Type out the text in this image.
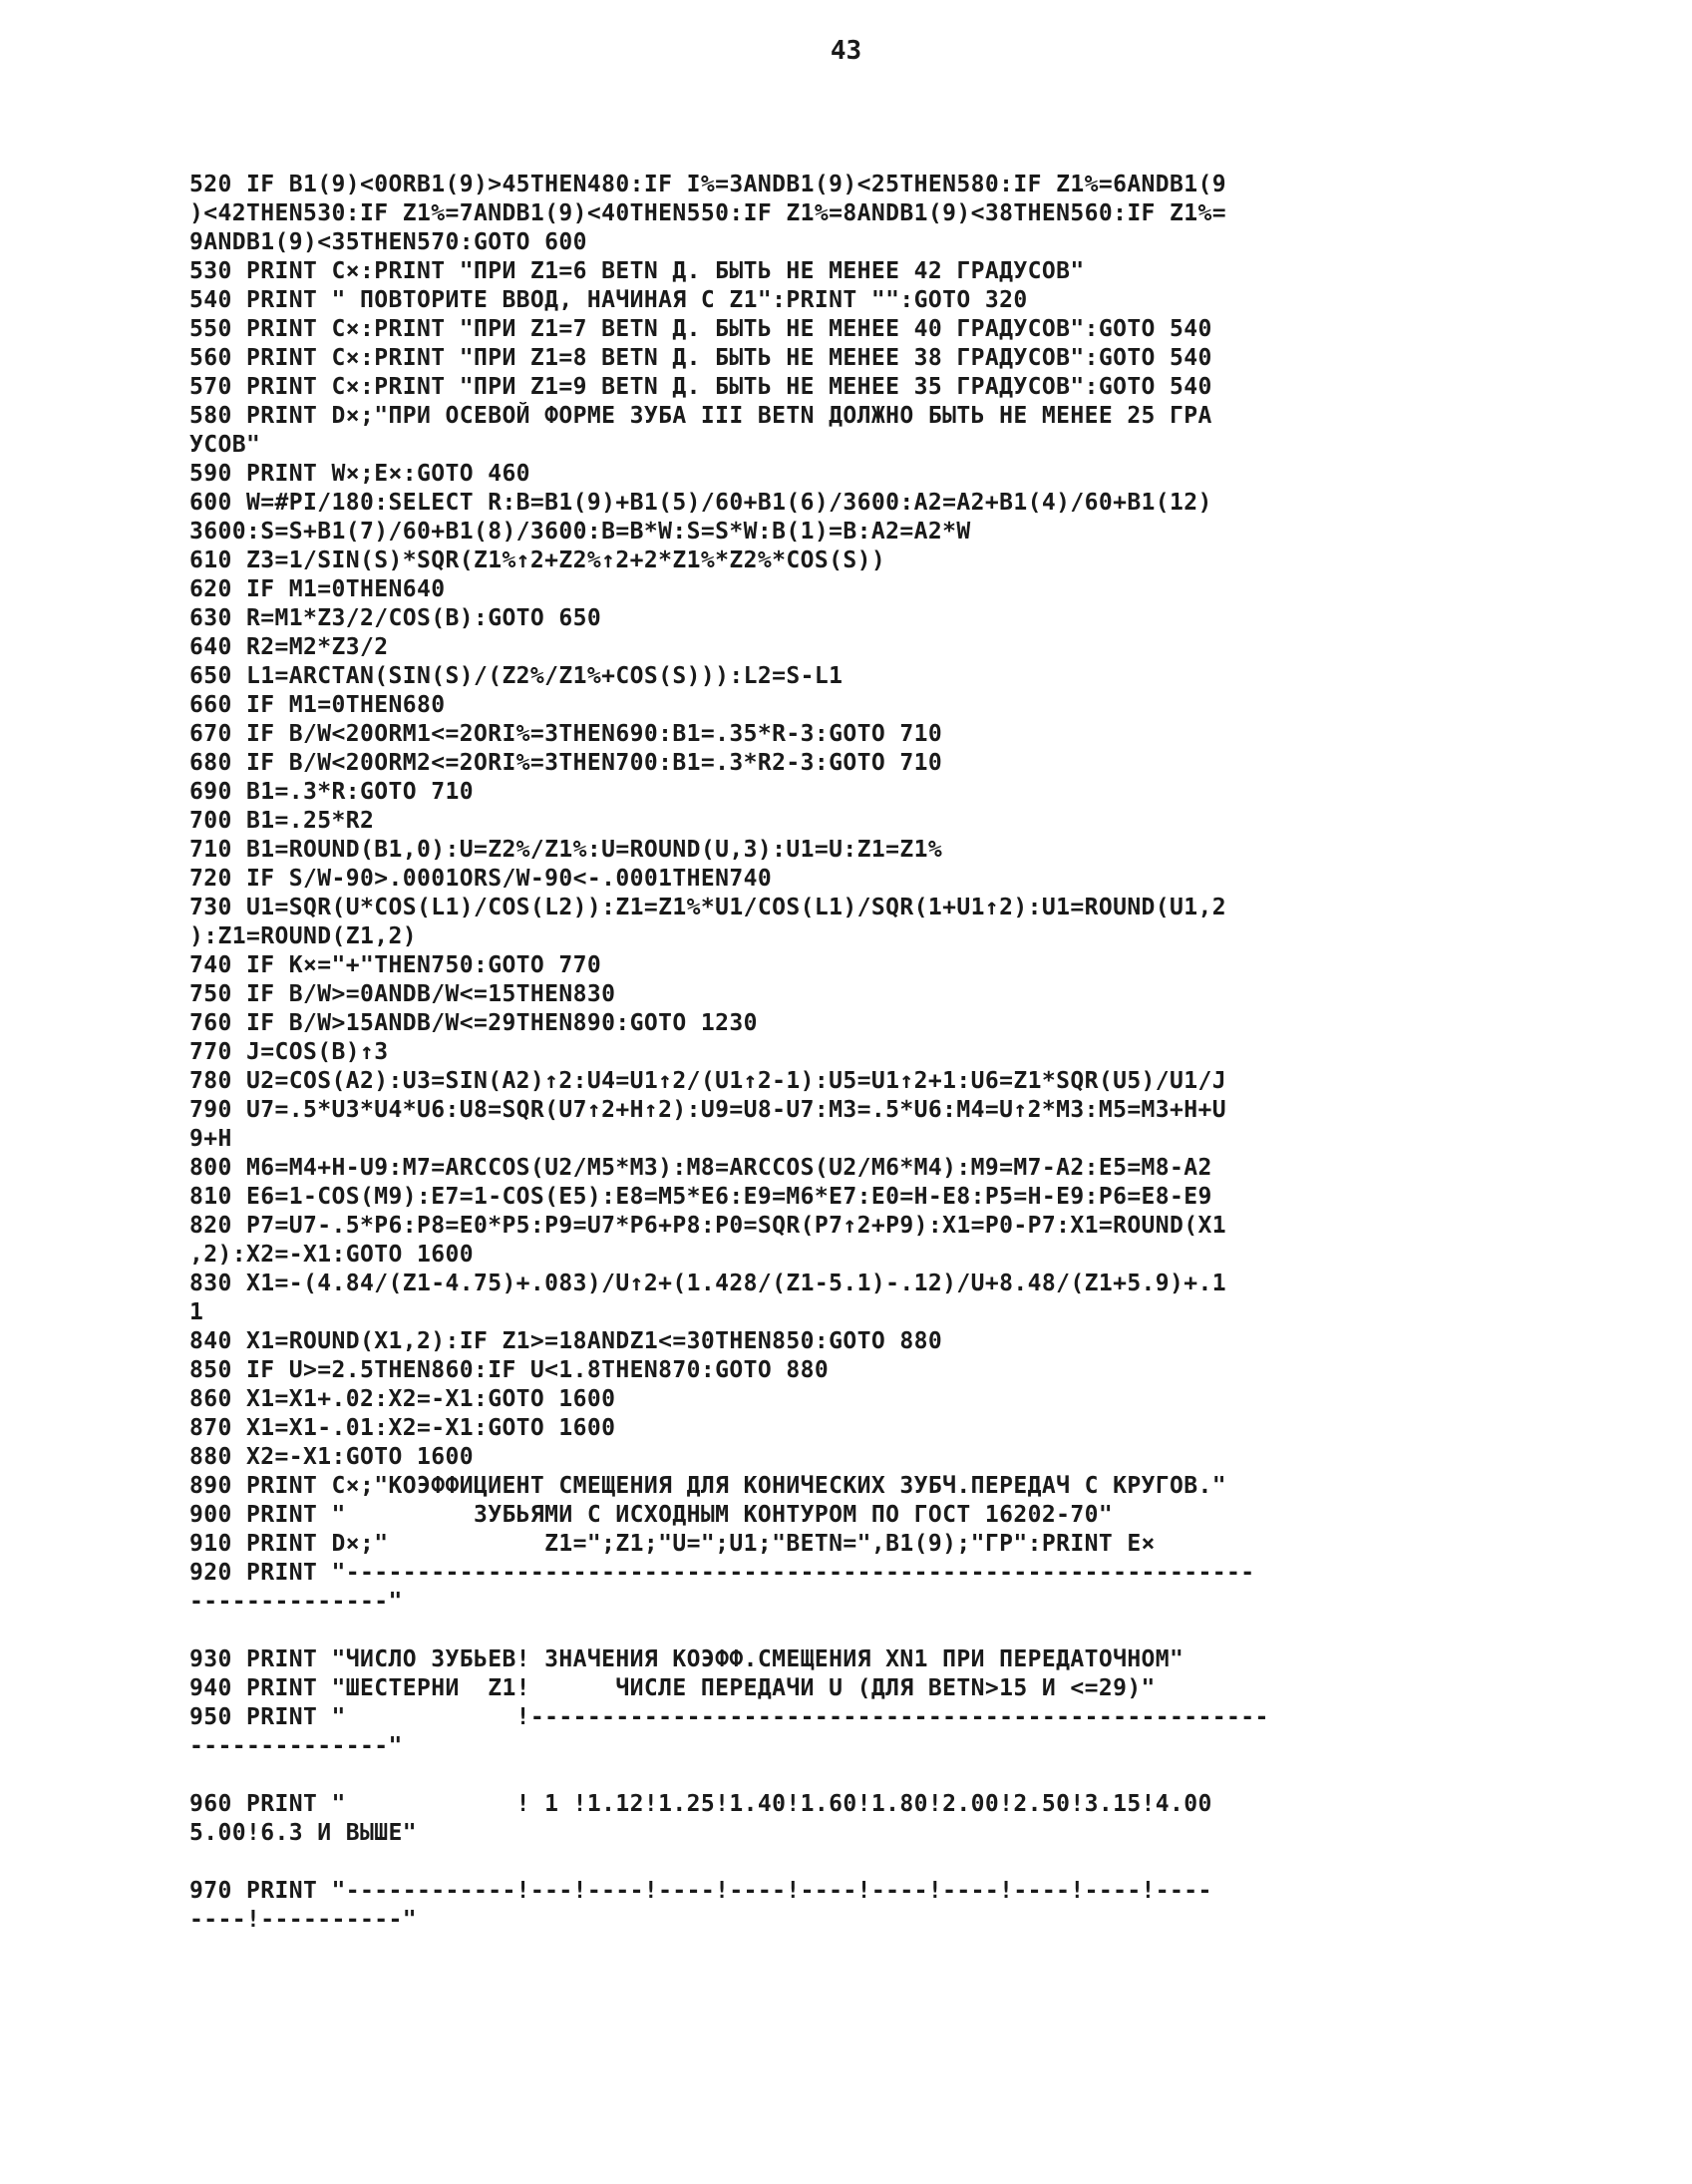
43
520 IF B1(9)<0ORB1(9)>45THEN480:IF I%=3ANDB1(9)<25THEN580:IF Z1%=6ANDB1(9
)<42THEN530:IF Z1%=7ANDB1(9)<40THEN550:IF Z1%=8ANDB1(9)<38THEN560:IF Z1%=
9ANDB1(9)<35THEN570:GOTO 600
530 PRINT C×:PRINT "ПРИ Z1=6 BETN Д. БЫТЬ НЕ МЕНЕЕ 42 ГРАДУСОВ"
540 PRINT " ПОВТОРИТЕ ВВОД, НАЧИНАЯ С Z1":PRINT "":GOTO 320
550 PRINT C×:PRINT "ПРИ Z1=7 BETN Д. БЫТЬ НЕ МЕНЕЕ 40 ГРАДУСОВ":GOTO 540
560 PRINT C×:PRINT "ПРИ Z1=8 BETN Д. БЫТЬ НЕ МЕНЕЕ 38 ГРАДУСОВ":GOTO 540
570 PRINT C×:PRINT "ПРИ Z1=9 BETN Д. БЫТЬ НЕ МЕНЕЕ 35 ГРАДУСОВ":GOTO 540
580 PRINT D×;"ПРИ ОСЕВОЙ ФОРМЕ ЗУБА III BETN ДОЛЖНО БЫТЬ НЕ МЕНЕЕ 25 ГРА
УСОВ"
590 PRINT W×;E×:GOTO 460
600 W=#PI/180:SELECT R:B=B1(9)+B1(5)/60+B1(6)/3600:A2=A2+B1(4)/60+B1(12)
3600:S=S+B1(7)/60+B1(8)/3600:B=B*W:S=S*W:B(1)=B:A2=A2*W
610 Z3=1/SIN(S)*SQR(Z1%↑2+Z2%↑2+2*Z1%*Z2%*COS(S))
620 IF M1=0THEN640
630 R=M1*Z3/2/COS(B):GOTO 650
640 R2=M2*Z3/2
650 L1=ARCTAN(SIN(S)/(Z2%/Z1%+COS(S))):L2=S-L1
660 IF M1=0THEN680
670 IF B/W<20ORM1<=2ORI%=3THEN690:B1=.35*R-3:GOTO 710
680 IF B/W<20ORM2<=2ORI%=3THEN700:B1=.3*R2-3:GOTO 710
690 B1=.3*R:GOTO 710
700 B1=.25*R2
710 B1=ROUND(B1,0):U=Z2%/Z1%:U=ROUND(U,3):U1=U:Z1=Z1%
720 IF S/W-90>.0001ORS/W-90<-.0001THEN740
730 U1=SQR(U*COS(L1)/COS(L2)):Z1=Z1%*U1/COS(L1)/SQR(1+U1↑2):U1=ROUND(U1,2
):Z1=ROUND(Z1,2)
740 IF K×="+"THEN750:GOTO 770
750 IF B/W>=0ANDB/W<=15THEN830
760 IF B/W>15ANDB/W<=29THEN890:GOTO 1230
770 J=COS(B)↑3
780 U2=COS(A2):U3=SIN(A2)↑2:U4=U1↑2/(U1↑2-1):U5=U1↑2+1:U6=Z1*SQR(U5)/U1/J
790 U7=.5*U3*U4*U6:U8=SQR(U7↑2+H↑2):U9=U8-U7:M3=.5*U6:M4=U↑2*M3:M5=M3+H+U
9+H
800 M6=M4+H-U9:M7=ARCCOS(U2/M5*M3):M8=ARCCOS(U2/M6*M4):M9=M7-A2:E5=M8-A2
810 E6=1-COS(M9):E7=1-COS(E5):E8=M5*E6:E9=M6*E7:E0=H-E8:P5=H-E9:P6=E8-E9
820 P7=U7-.5*P6:P8=E0*P5:P9=U7*P6+P8:P0=SQR(P7↑2+P9):X1=P0-P7:X1=ROUND(X1
,2):X2=-X1:GOTO 1600
830 X1=-(4.84/(Z1-4.75)+.083)/U↑2+(1.428/(Z1-5.1)-.12)/U+8.48/(Z1+5.9)+.1
1
840 X1=ROUND(X1,2):IF Z1>=18ANDZ1<=30THEN850:GOTO 880
850 IF U>=2.5THEN860:IF U<1.8THEN870:GOTO 880
860 X1=X1+.02:X2=-X1:GOTO 1600
870 X1=X1-.01:X2=-X1:GOTO 1600
880 X2=-X1:GOTO 1600
890 PRINT C×;"КОЭФФИЦИЕНТ СМЕЩЕНИЯ ДЛЯ КОНИЧЕСКИХ ЗУБЧ.ПЕРЕДАЧ С КРУГОВ."
900 PRINT "         ЗУБЬЯМИ С ИСХОДНЫМ КОНТУРОМ ПО ГОСТ 16202-70"
910 PRINT D×;"           Z1=";Z1;"U=";U1;"BETN=",B1(9);"ГР":PRINT E×
920 PRINT "----------------------------------------------------------------
--------------"
930 PRINT "ЧИСЛО ЗУБЬЕВ! ЗНАЧЕНИЯ КОЭФФ.СМЕЩЕНИЯ XN1 ПРИ ПЕРЕДАТОЧНОМ"
940 PRINT "ШЕСТЕРНИ  Z1!      ЧИСЛЕ ПЕРЕДАЧИ U (ДЛЯ BETN>15 И <=29)"
950 PRINT "            !----------------------------------------------------
--------------"
960 PRINT "            ! 1 !1.12!1.25!1.40!1.60!1.80!2.00!2.50!3.15!4.00
5.00!6.3 И ВЫШЕ"
970 PRINT "------------!---!----!----!----!----!----!----!----!----!----
----!----------"
